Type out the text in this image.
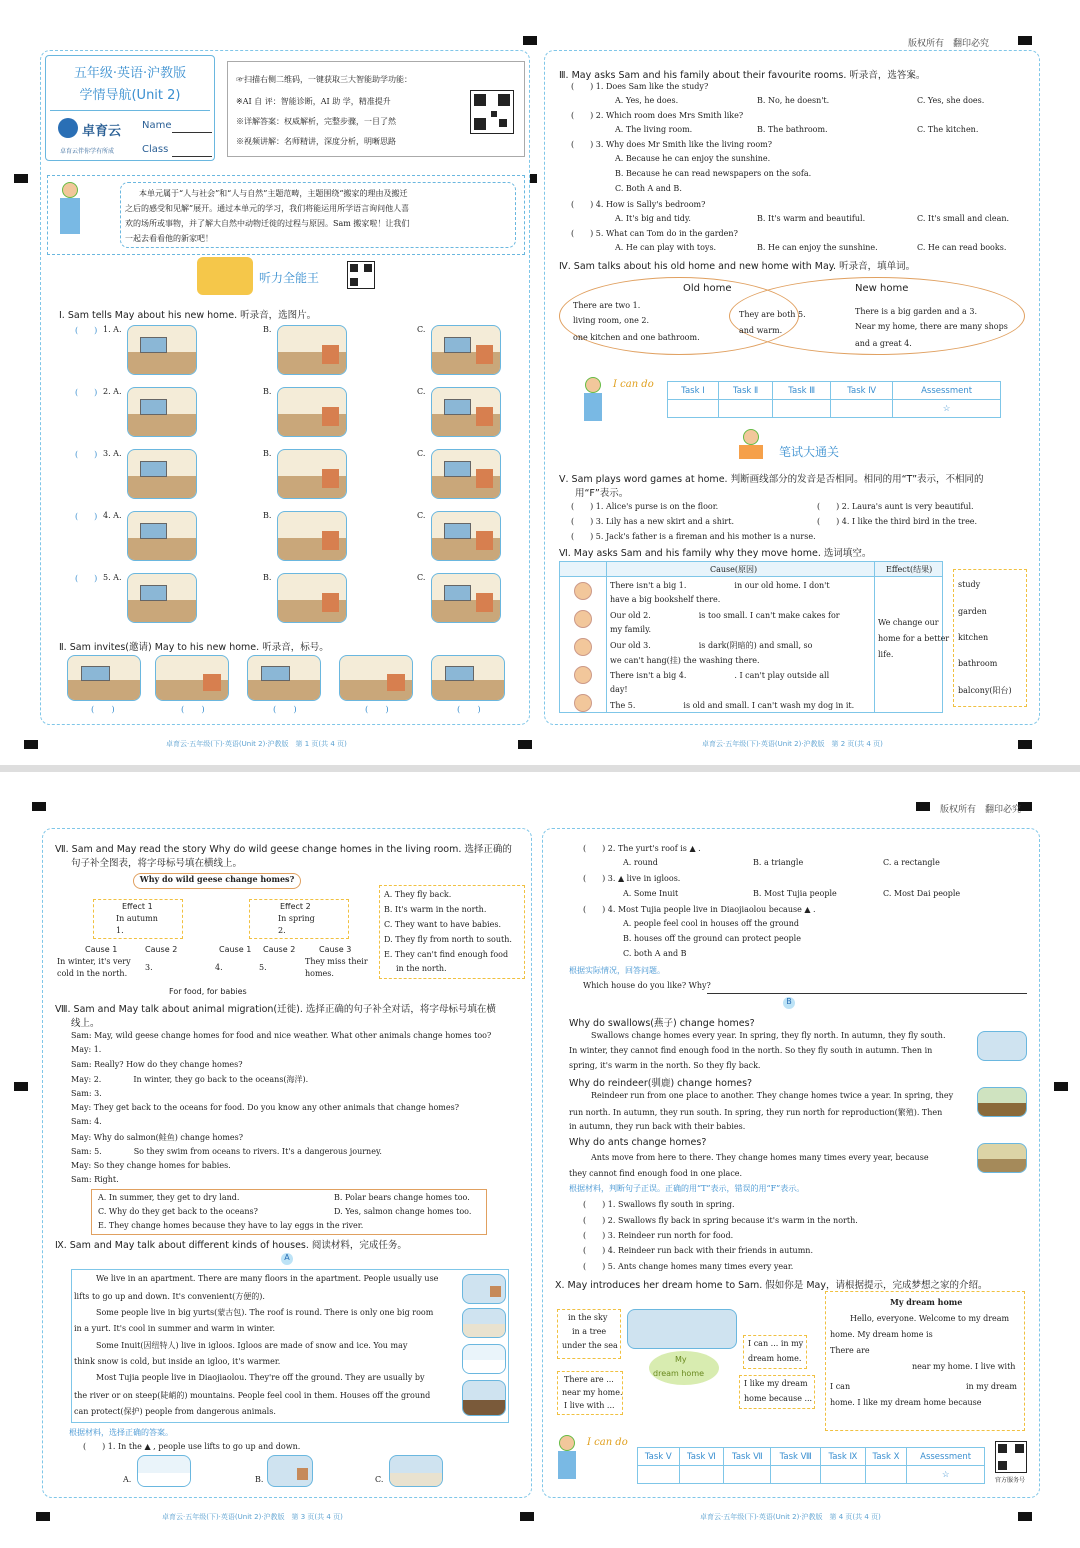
版权所有　翻印必究
五年级·英语·沪教版
学情导航(Unit 2)
卓育云
卓育云伴你学有所成
Name
Class
☞扫描右侧二维码，一键获取三大智能助学功能：
※AI 自 评：智能诊断，AI 助 学，精准提升
※详解答案：权威解析，完整步骤，一目了然
※视频讲解：名师精讲，深度分析，明晰思路
本单元属于“人与社会”和“人与自然”主题范畴，主题围绕“搬家的理由及搬迁
之后的感受和见解”展开。通过本单元的学习，我们将能运用所学语言询问他人喜
欢的场所或事物，并了解大自然中动物迁徙的过程与原因。Sam 搬家啦！让我们
一起去看看他的新家吧！
听力全能王
Ⅰ. Sam tells May about his new home. 听录音，选图片。
Ⅱ. Sam invites(邀请) May to his new home. 听录音，标号。
(　　)	(　　)	(　　)	(　　)	(　　)
(　　) 1. A.	B.	C.
(　　) 2. A.	B.	C.
(　　) 3. A.	B.	C.
(　　) 4. A.	B.	C.
(　　) 5. A.	B.	C.
卓育云·五年级(下)·英语(Unit 2)·沪教版　第 1 页(共 4 页)
Ⅲ. May asks Sam and his family about their favourite rooms. 听录音，选答案。
Ⅳ. Sam talks about his old home and new home with May. 听录音，填单词。
Old home	New home
There are two 1.
living room, one 2.
one kitchen and one bathroom.
They are both 5.
and warm.
There is a big garden and a 3.
Near my home, there are many shops
and a great 4.
I can do
Task Ⅰ	Task Ⅱ	Task Ⅲ	Task Ⅳ	Assessment
				☆
笔试大通关
Ⅴ. Sam plays word games at home. 判断画线部分的发音是否相同。相同的用“T”表示，不相同的
用“F”表示。
(　　) 1. Alice's purse is on the floor.	(　　) 2. Laura's aunt is very beautiful.
(　　) 3. Lily has a new skirt and a shirt.	(　　) 4. I like the third bird in the tree.
(　　) 5. Jack's father is a fireman and his mother is a nurse.
Ⅵ. May asks Sam and his family why they move home. 选词填空。
Cause(原因)	Effect(结果)
We change our
home for a better
life.
There isn't a big 1.　　　　　　in our old home. I don't
have a big bookshelf there.
Our old 2.　　　　　　is too small. I can't make cakes for
my family.
Our old 3.　　　　　　is dark(阴暗的) and small, so
we can't hang(挂) the washing there.
There isn't a big 4.　　　　　　. I can't play outside all
day!
The 5.　　　　　　is old and small. I can't wash my dog in it.
study
garden
kitchen
bathroom
balcony(阳台)
(　　) 1. Does Sam like the study?
A. Yes, he does.	B. No, he doesn't.	C. Yes, she does.
(　　) 2. Which room does Mrs Smith like?
A. The living room.	B. The bathroom.	C. The kitchen.
(　　) 3. Why does Mr Smith like the living room?
A. Because he can enjoy the sunshine.
B. Because he can read newspapers on the sofa.
C. Both A and B.
(　　) 4. How is Sally's bedroom?
A. It's big and tidy.	B. It's warm and beautiful.	C. It's small and clean.
(　　) 5. What can Tom do in the garden?
A. He can play with toys.	B. He can enjoy the sunshine.	C. He can read books.
卓育云·五年级(下)·英语(Unit 2)·沪教版　第 2 页(共 4 页)
版权所有　翻印必究
Ⅶ. Sam and May read the story Why do wild geese change homes in the living room. 选择正确的
句子补全图表，将字母标号填在横线上。
Why do wild geese change homes?
Effect 1
In autumn
1.
Effect 2
In spring
2.
Cause 1	Cause 2	Cause 1 Cause 2	Cause 3
In winter, it's very
cold in the north.
3.	4.	5.
They miss their
homes.
For food, for babies
A. They fly back.
B. It's warm in the north.
C. They want to have babies.
D. They fly from north to south.
E. They can't find enough food
in the north.
Ⅷ. Sam and May talk about animal migration(迁徙). 选择正确的句子补全对话，将字母标号填在横
线上。
A. In summer, they get to dry land.	B. Polar bears change homes too.
C. Why do they get back to the oceans?	D. Yes, salmon change homes too.
E. They change homes because they have to lay eggs in the river.
Ⅸ. Sam and May talk about different kinds of houses. 阅读材料，完成任务。
A
We live in an apartment. There are many floors in the apartment. People usually use
lifts to go up and down. It's convenient(方便的).
Some people live in big yurts(蒙古包). The roof is round. There is only one big room
in a yurt. It's cool in summer and warm in winter.
Some Inuit(因纽特人) live in igloos. Igloos are made of snow and ice. You may
think snow is cold, but inside an igloo, it's warmer.
Most Tujia people live in Diaojiaolou. They're off the ground. They are usually by
the river or on steep(陡峭的) mountains. People feel cool in them. Houses off the ground
can protect(保护) people from dangerous animals.
根据材料，选择正确的答案。
(　　) 1. In the ▲ , people use lifts to go up and down.
A.	B.	C.
Sam: May, wild geese change homes for food and nice weather. What other animals change homes too?
May: 1.
Sam: Really? How do they change homes?
May: 2.　　　　In winter, they go back to the oceans(海洋).
Sam: 3.
May: They get back to the oceans for food. Do you know any other animals that change homes?
Sam: 4.
May: Why do salmon(鲑鱼) change homes?
Sam: 5.　　　　So they swim from oceans to rivers. It's a dangerous journey.
May: So they change homes for babies.
Sam: Right.
卓育云·五年级(下)·英语(Unit 2)·沪教版　第 3 页(共 4 页)
(　　) 2. The yurt's roof is ▲ .
A. round	B. a triangle	C. a rectangle
(　　) 3. ▲ live in igloos.
A. Some Inuit	B. Most Tujia people	C. Most Dai people
(　　) 4. Most Tujia people live in Diaojiaolou because ▲ .
A. people feel cool in houses off the ground
B. houses off the ground can protect people
C. both A and B
根据实际情况，回答问题。
Which house do you like? Why?
B
Why do swallows(燕子) change homes?
Swallows change homes every year. In spring, they fly north. In autumn, they fly south.
In winter, they cannot find enough food in the north. So they fly south in autumn. Then in
spring, it's warm in the north. So they fly back.
Why do reindeer(驯鹿) change homes?
Reindeer run from one place to another. They change homes twice a year. In spring, they
run north. In autumn, they run south. In spring, they run north for reproduction(繁殖). Then
in autumn, they run back with their babies.
Why do ants change homes?
Ants move from here to there. They change homes many times every year, because
they cannot find enough food in one place.
根据材料，判断句子正误。正确的用“T”表示，错误的用“F”表示。
(　　) 1. Swallows fly south in spring.
(　　) 2. Swallows fly back in spring because it's warm in the north.
(　　) 3. Reindeer run north for food.
(　　) 4. Reindeer run back with their friends in autumn.
(　　) 5. Ants change homes many times every year.
Ⅹ. May introduces her dream home to Sam. 假如你是 May，请根据提示，完成梦想之家的介绍。
in the sky
in a tree
under the sea
My
dream home
I can ... in my
dream home.
There are ...
near my home.
I live with ...
I like my dream
home because ...
My dream home
Hello, everyone. Welcome to my dream
home. My dream home is
There are
near my home. I live with
I can	in my dream
home. I like my dream home because
I can do
Task Ⅴ	Task Ⅵ	Task Ⅶ	Task Ⅷ	Task Ⅸ	Task Ⅹ	Assessment
						☆
官方服务号
卓育云·五年级(下)·英语(Unit 2)·沪教版　第 4 页(共 4 页)
